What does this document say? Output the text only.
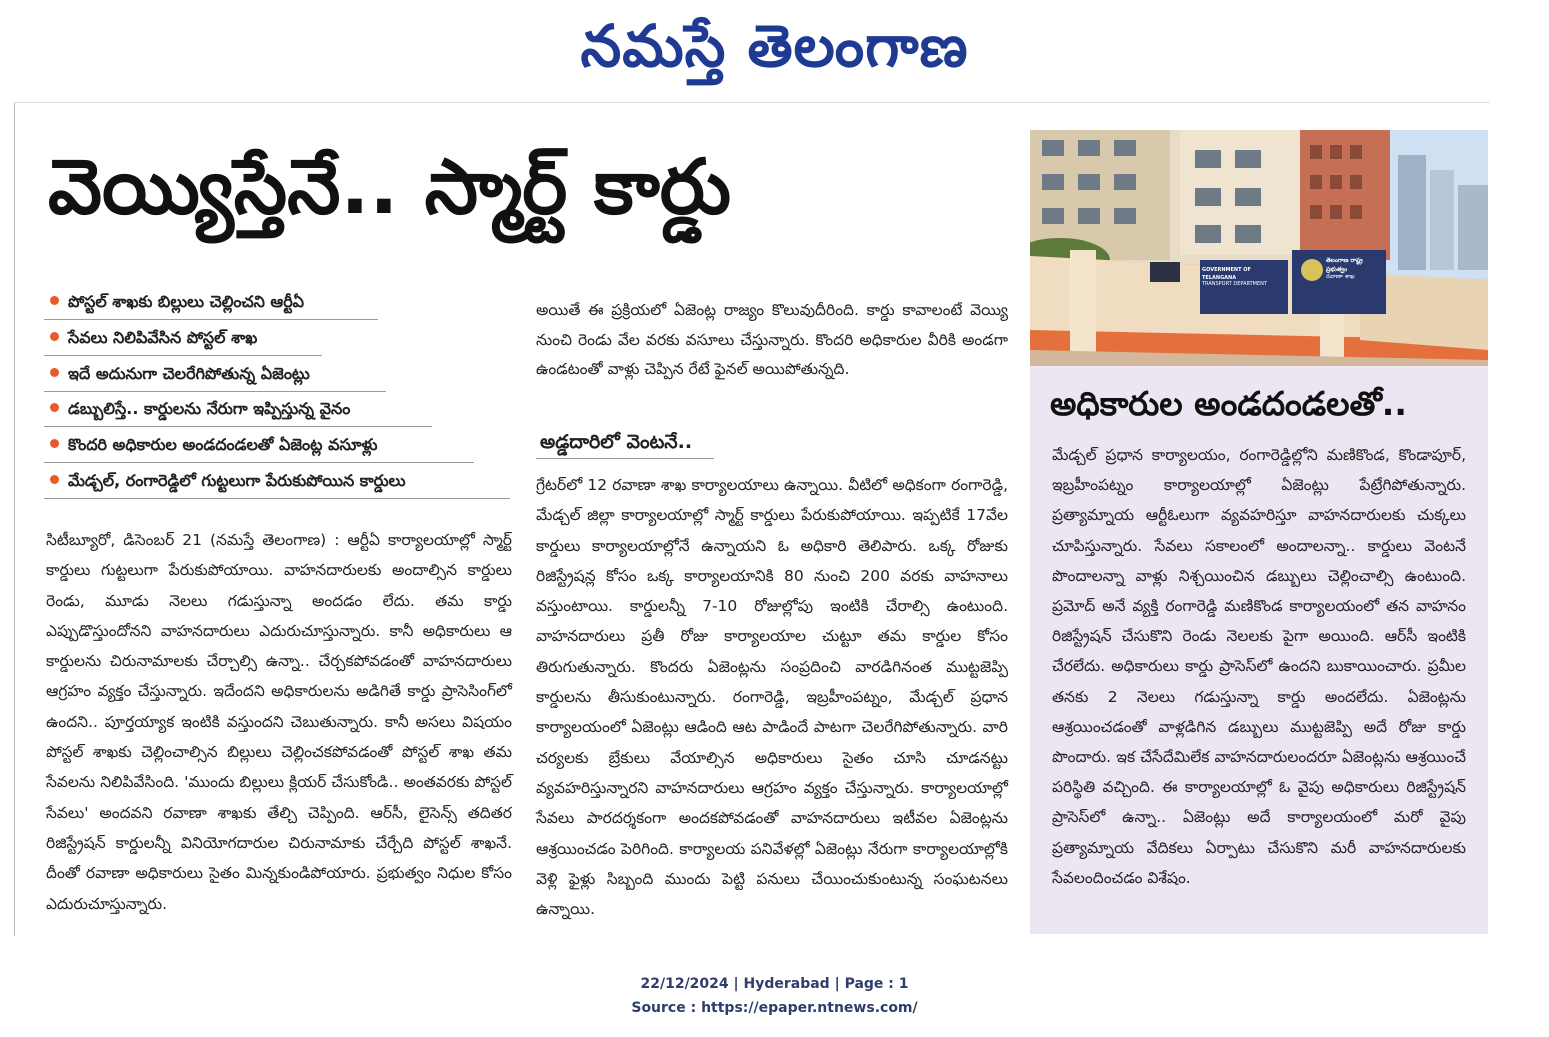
నమస్తే తెలంగాణ
వెయ్యిస్తేనే.. స్మార్ట్ కార్డు
పోస్టల్ శాఖకు బిల్లులు చెల్లించని ఆర్టీఏ
సేవలు నిలిపివేసిన పోస్టల్ శాఖ
ఇదే అదునుగా చెలరేగిపోతున్న ఏజెంట్లు
డబ్బులిస్తే.. కార్డులను నేరుగా ఇప్పిస్తున్న వైనం
కొందరి అధికారుల అండదండలతో ఏజెంట్ల వసూళ్లు
మేడ్చల్, రంగారెడ్డిలో గుట్టలుగా పేరుకుపోయిన కార్డులు
సిటీబ్యూరో, డిసెంబర్ 21 (నమస్తే తెలంగాణ) : ఆర్టీఏ కార్యాలయాల్లో స్మార్ట్ కార్డులు గుట్టలుగా పేరుకుపోయాయి. వాహనదారులకు అందాల్సిన కార్డులు రెండు, మూడు నెలలు గడుస్తున్నా అందడం లేదు. తమ కార్డు ఎప్పుడొస్తుందోనని వాహనదారులు ఎదురుచూస్తున్నారు. కానీ అధికారులు ఆ కార్డులను చిరునామాలకు చేర్చాల్సి ఉన్నా.. చేర్చకపోవడంతో వాహనదారులు ఆగ్రహం వ్యక్తం చేస్తున్నారు. ఇదేందని అధికారులను అడిగితే కార్డు ప్రాసెసింగ్‌లో ఉందని.. పూర్తయ్యాక ఇంటికి వస్తుందని చెబుతున్నారు. కానీ అసలు విషయం పోస్టల్ శాఖకు చెల్లించాల్సిన బిల్లులు చెల్లించకపోవడంతో పోస్టల్ శాఖ తమ సేవలను నిలిపివేసింది. 'ముందు బిల్లులు క్లియర్ చేసుకోండి.. అంతవరకు పోస్టల్ సేవలు' అందవని రవాణా శాఖకు తేల్చి చెప్పింది. ఆర్‌సీ, లైసెన్స్ తదితర రిజిస్ట్రేషన్ కార్డులన్నీ వినియోగదారుల చిరునామాకు చేర్చేది పోస్టల్ శాఖనే. దీంతో రవాణా అధికారులు సైతం మిన్నకుండిపోయారు. ప్రభుత్వం నిధుల కోసం ఎదురుచూస్తున్నారు.
అయితే ఈ ప్రక్రియలో ఏజెంట్ల రాజ్యం కొలువుదీరింది. కార్డు కావాలంటే వెయ్యి నుంచి రెండు వేల వరకు వసూలు చేస్తున్నారు. కొందరి అధికారుల వీరికి అండగా ఉండటంతో వాళ్లు చెప్పిన రేటే ఫైనల్ అయిపోతున్నది.
అడ్డదారిలో వెంటనే..
గ్రేటర్‌లో 12 రవాణా శాఖ కార్యాలయాలు ఉన్నాయి. వీటిలో అధికంగా రంగారెడ్డి, మేడ్చల్ జిల్లా కార్యాలయాల్లో స్మార్ట్ కార్డులు పేరుకుపోయాయి. ఇప్పటికే 17వేల కార్డులు కార్యాలయాల్లోనే ఉన్నాయని ఓ అధికారి తెలిపారు. ఒక్క రోజుకు రిజిస్ట్రేషన్ల కోసం ఒక్క కార్యాలయానికి 80 నుంచి 200 వరకు వాహనాలు వస్తుంటాయి. కార్డులన్నీ 7-10 రోజుల్లోపు ఇంటికి చేరాల్సి ఉంటుంది. వాహనదారులు ప్రతీ రోజు కార్యాలయాల చుట్టూ తమ కార్డుల కోసం తిరుగుతున్నారు. కొందరు ఏజెంట్లను సంప్రదించి వారడిగినంత ముట్టజెప్పి కార్డులను తీసుకుంటున్నారు. రంగారెడ్డి, ఇబ్రహీంపట్నం, మేడ్చల్ ప్రధాన కార్యాలయంలో ఏజెంట్లు ఆడింది ఆట పాడిందే పాటగా చెలరేగిపోతున్నారు. వారి చర్యలకు బ్రేకులు వేయాల్సిన అధికారులు సైతం చూసి చూడనట్టు వ్యవహరిస్తున్నారని వాహనదారులు ఆగ్రహం వ్యక్తం చేస్తున్నారు. కార్యాలయాల్లో సేవలు పారదర్శకంగా అందకపోవడంతో వాహనదారులు ఇటీవల ఏజెంట్లను ఆశ్రయించడం పెరిగింది. కార్యాలయ పనివేళల్లో ఏజెంట్లు నేరుగా కార్యాలయాల్లోకి వెళ్లి ఫైళ్లు సిబ్బంది ముందు పెట్టి పనులు చేయించుకుంటున్న సంఘటనలు ఉన్నాయి.
GOVERNMENT OF TELANGANA
TRANSPORT DEPARTMENT
తెలంగాణ రాష్ట్ర ప్రభుత్వం
రవాణా శాఖ
అధికారుల అండదండలతో..
మేడ్చల్ ప్రధాన కార్యాలయం, రంగారెడ్డిల్లోని మణికొండ, కొండాపూర్, ఇబ్రహీంపట్నం కార్యాలయాల్లో ఏజెంట్లు పేట్రేగిపోతున్నారు. ప్రత్యామ్నాయ ఆర్టీఓలుగా వ్యవహరిస్తూ వాహనదారులకు చుక్కలు చూపిస్తున్నారు. సేవలు సకాలంలో అందాలన్నా.. కార్డులు వెంటనే పొందాలన్నా వాళ్లు నిశ్చయించిన డబ్బులు చెల్లించాల్సి ఉంటుంది. ప్రమోద్ అనే వ్యక్తి రంగారెడ్డి మణికొండ కార్యాలయంలో తన వాహనం రిజిస్ట్రేషన్ చేసుకొని రెండు నెలలకు పైగా అయింది. ఆర్‌సీ ఇంటికి చేరలేదు. అధికారులు కార్డు ప్రాసెస్‌లో ఉందని బుకాయించారు. ప్రమీల తనకు 2 నెలలు గడుస్తున్నా కార్డు అందలేదు. ఏజెంట్లను ఆశ్రయించడంతో వాళ్లడిగిన డబ్బులు ముట్టజెప్పి అదే రోజు కార్డు పొందారు. ఇక చేసేదేమిలేక వాహనదారులందరూ ఏజెంట్లను ఆశ్రయించే పరిస్థితి వచ్చింది. ఈ కార్యాలయాల్లో ఓ వైపు అధికారులు రిజిస్ట్రేషన్ ప్రాసెస్‌లో ఉన్నా.. ఏజెంట్లు అదే కార్యాలయంలో మరో వైపు ప్రత్యామ్నాయ వేదికలు ఏర్పాటు చేసుకొని మరీ వాహనదారులకు సేవలందించడం విశేషం.
22/12/2024 | Hyderabad | Page : 1
Source : https://epaper.ntnews.com/
